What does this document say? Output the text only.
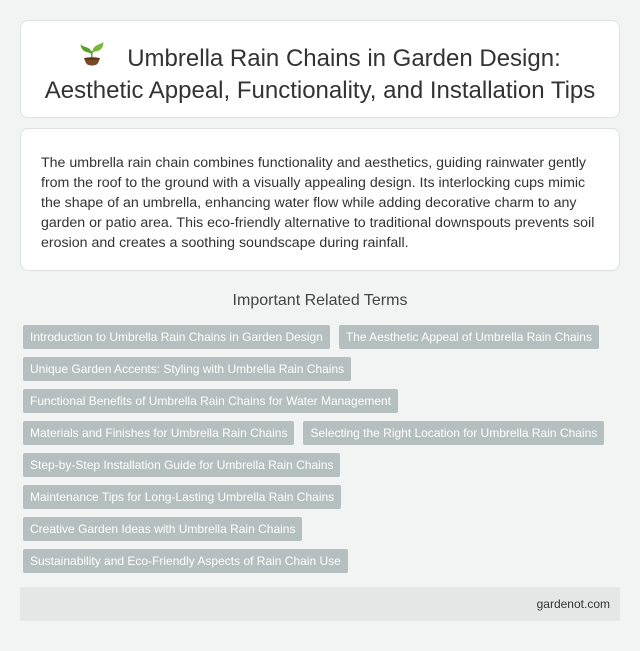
Umbrella Rain Chains in Garden Design: Aesthetic Appeal, Functionality, and Installation Tips

The umbrella rain chain combines functionality and aesthetics, guiding rainwater gently from the roof to the ground with a visually appealing design. Its interlocking cups mimic the shape of an umbrella, enhancing water flow while adding decorative charm to any garden or patio area. This eco-friendly alternative to traditional downspouts prevents soil erosion and creates a soothing soundscape during rainfall.

Important Related Terms
Introduction to Umbrella Rain Chains in Garden Design	The Aesthetic Appeal of Umbrella Rain Chains
Unique Garden Accents: Styling with Umbrella Rain Chains
Functional Benefits of Umbrella Rain Chains for Water Management
Materials and Finishes for Umbrella Rain Chains	Selecting the Right Location for Umbrella Rain Chains
Step-by-Step Installation Guide for Umbrella Rain Chains
Maintenance Tips for Long-Lasting Umbrella Rain Chains
Creative Garden Ideas with Umbrella Rain Chains
Sustainability and Eco-Friendly Aspects of Rain Chain Use
gardenot.com
